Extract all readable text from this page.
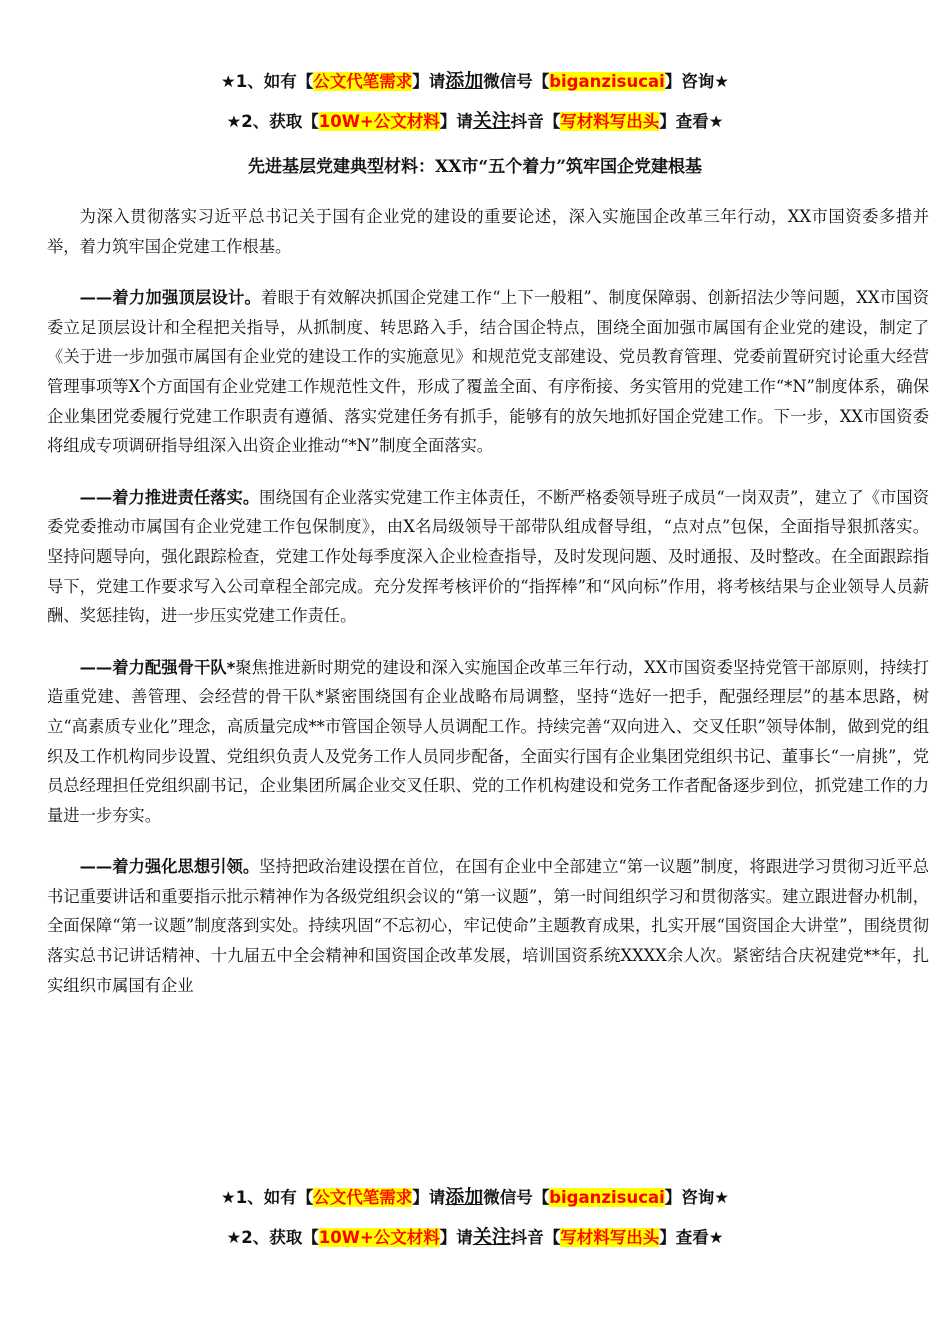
★1、如有【公文代笔需求】请添加微信号【biganzisucai】咨询★
★2、获取【10W+公文材料】请关注抖音【写材料写出头】查看★
先进基层党建典型材料：XX市“五个着力”筑牢国企党建根基

为深入贯彻落实习近平总书记关于国有企业党的建设的重要论述，深入实施国企改革三年行动，XX市国资委多措并举，着力筑牢国企党建工作根基。

——着力加强顶层设计。着眼于有效解决抓国企党建工作“上下一般粗”、制度保障弱、创新招法少等问题，XX市国资委立足顶层设计和全程把关指导，从抓制度、转思路入手，结合国企特点，围绕全面加强市属国有企业党的建设，制定了《关于进一步加强市属国有企业党的建设工作的实施意见》和规范党支部建设、党员教育管理、党委前置研究讨论重大经营管理事项等X个方面国有企业党建工作规范性文件，形成了覆盖全面、有序衔接、务实管用的党建工作“*N”制度体系，确保企业集团党委履行党建工作职责有遵循、落实党建任务有抓手，能够有的放矢地抓好国企党建工作。下一步，XX市国资委将组成专项调研指导组深入出资企业推动“*N”制度全面落实。

——着力推进责任落实。围绕国有企业落实党建工作主体责任，不断严格委领导班子成员“一岗双责”，建立了《市国资委党委推动市属国有企业党建工作包保制度》，由X名局级领导干部带队组成督导组，“点对点”包保，全面指导狠抓落实。坚持问题导向，强化跟踪检查，党建工作处每季度深入企业检查指导，及时发现问题、及时通报、及时整改。在全面跟踪指导下，党建工作要求写入公司章程全部完成。充分发挥考核评价的“指挥棒”和“风向标”作用，将考核结果与企业领导人员薪酬、奖惩挂钩，进一步压实党建工作责任。

——着力配强骨干队*聚焦推进新时期党的建设和深入实施国企改革三年行动，XX市国资委坚持党管干部原则，持续打造重党建、善管理、会经营的骨干队*紧密围绕国有企业战略布局调整，坚持“选好一把手，配强经理层”的基本思路，树立“高素质专业化”理念，高质量完成**市管国企领导人员调配工作。持续完善“双向进入、交叉任职”领导体制，做到党的组织及工作机构同步设置、党组织负责人及党务工作人员同步配备，全面实行国有企业集团党组织书记、董事长“一肩挑”，党员总经理担任党组织副书记，企业集团所属企业交叉任职、党的工作机构建设和党务工作者配备逐步到位，抓党建工作的力量进一步夯实。

——着力强化思想引领。坚持把政治建设摆在首位，在国有企业中全部建立“第一议题”制度，将跟进学习贯彻习近平总书记重要讲话和重要指示批示精神作为各级党组织会议的“第一议题”，第一时间组织学习和贯彻落实。建立跟进督办机制，全面保障“第一议题”制度落到实处。持续巩固“不忘初心，牢记使命”主题教育成果，扎实开展“国资国企大讲堂”，围绕贯彻落实总书记讲话精神、十九届五中全会精神和国资国企改革发展，培训国资系统XXXX余人次。紧密结合庆祝建党**年，扎实组织市属国有企业

★1、如有【公文代笔需求】请添加微信号【biganzisucai】咨询★
★2、获取【10W+公文材料】请关注抖音【写材料写出头】查看★
